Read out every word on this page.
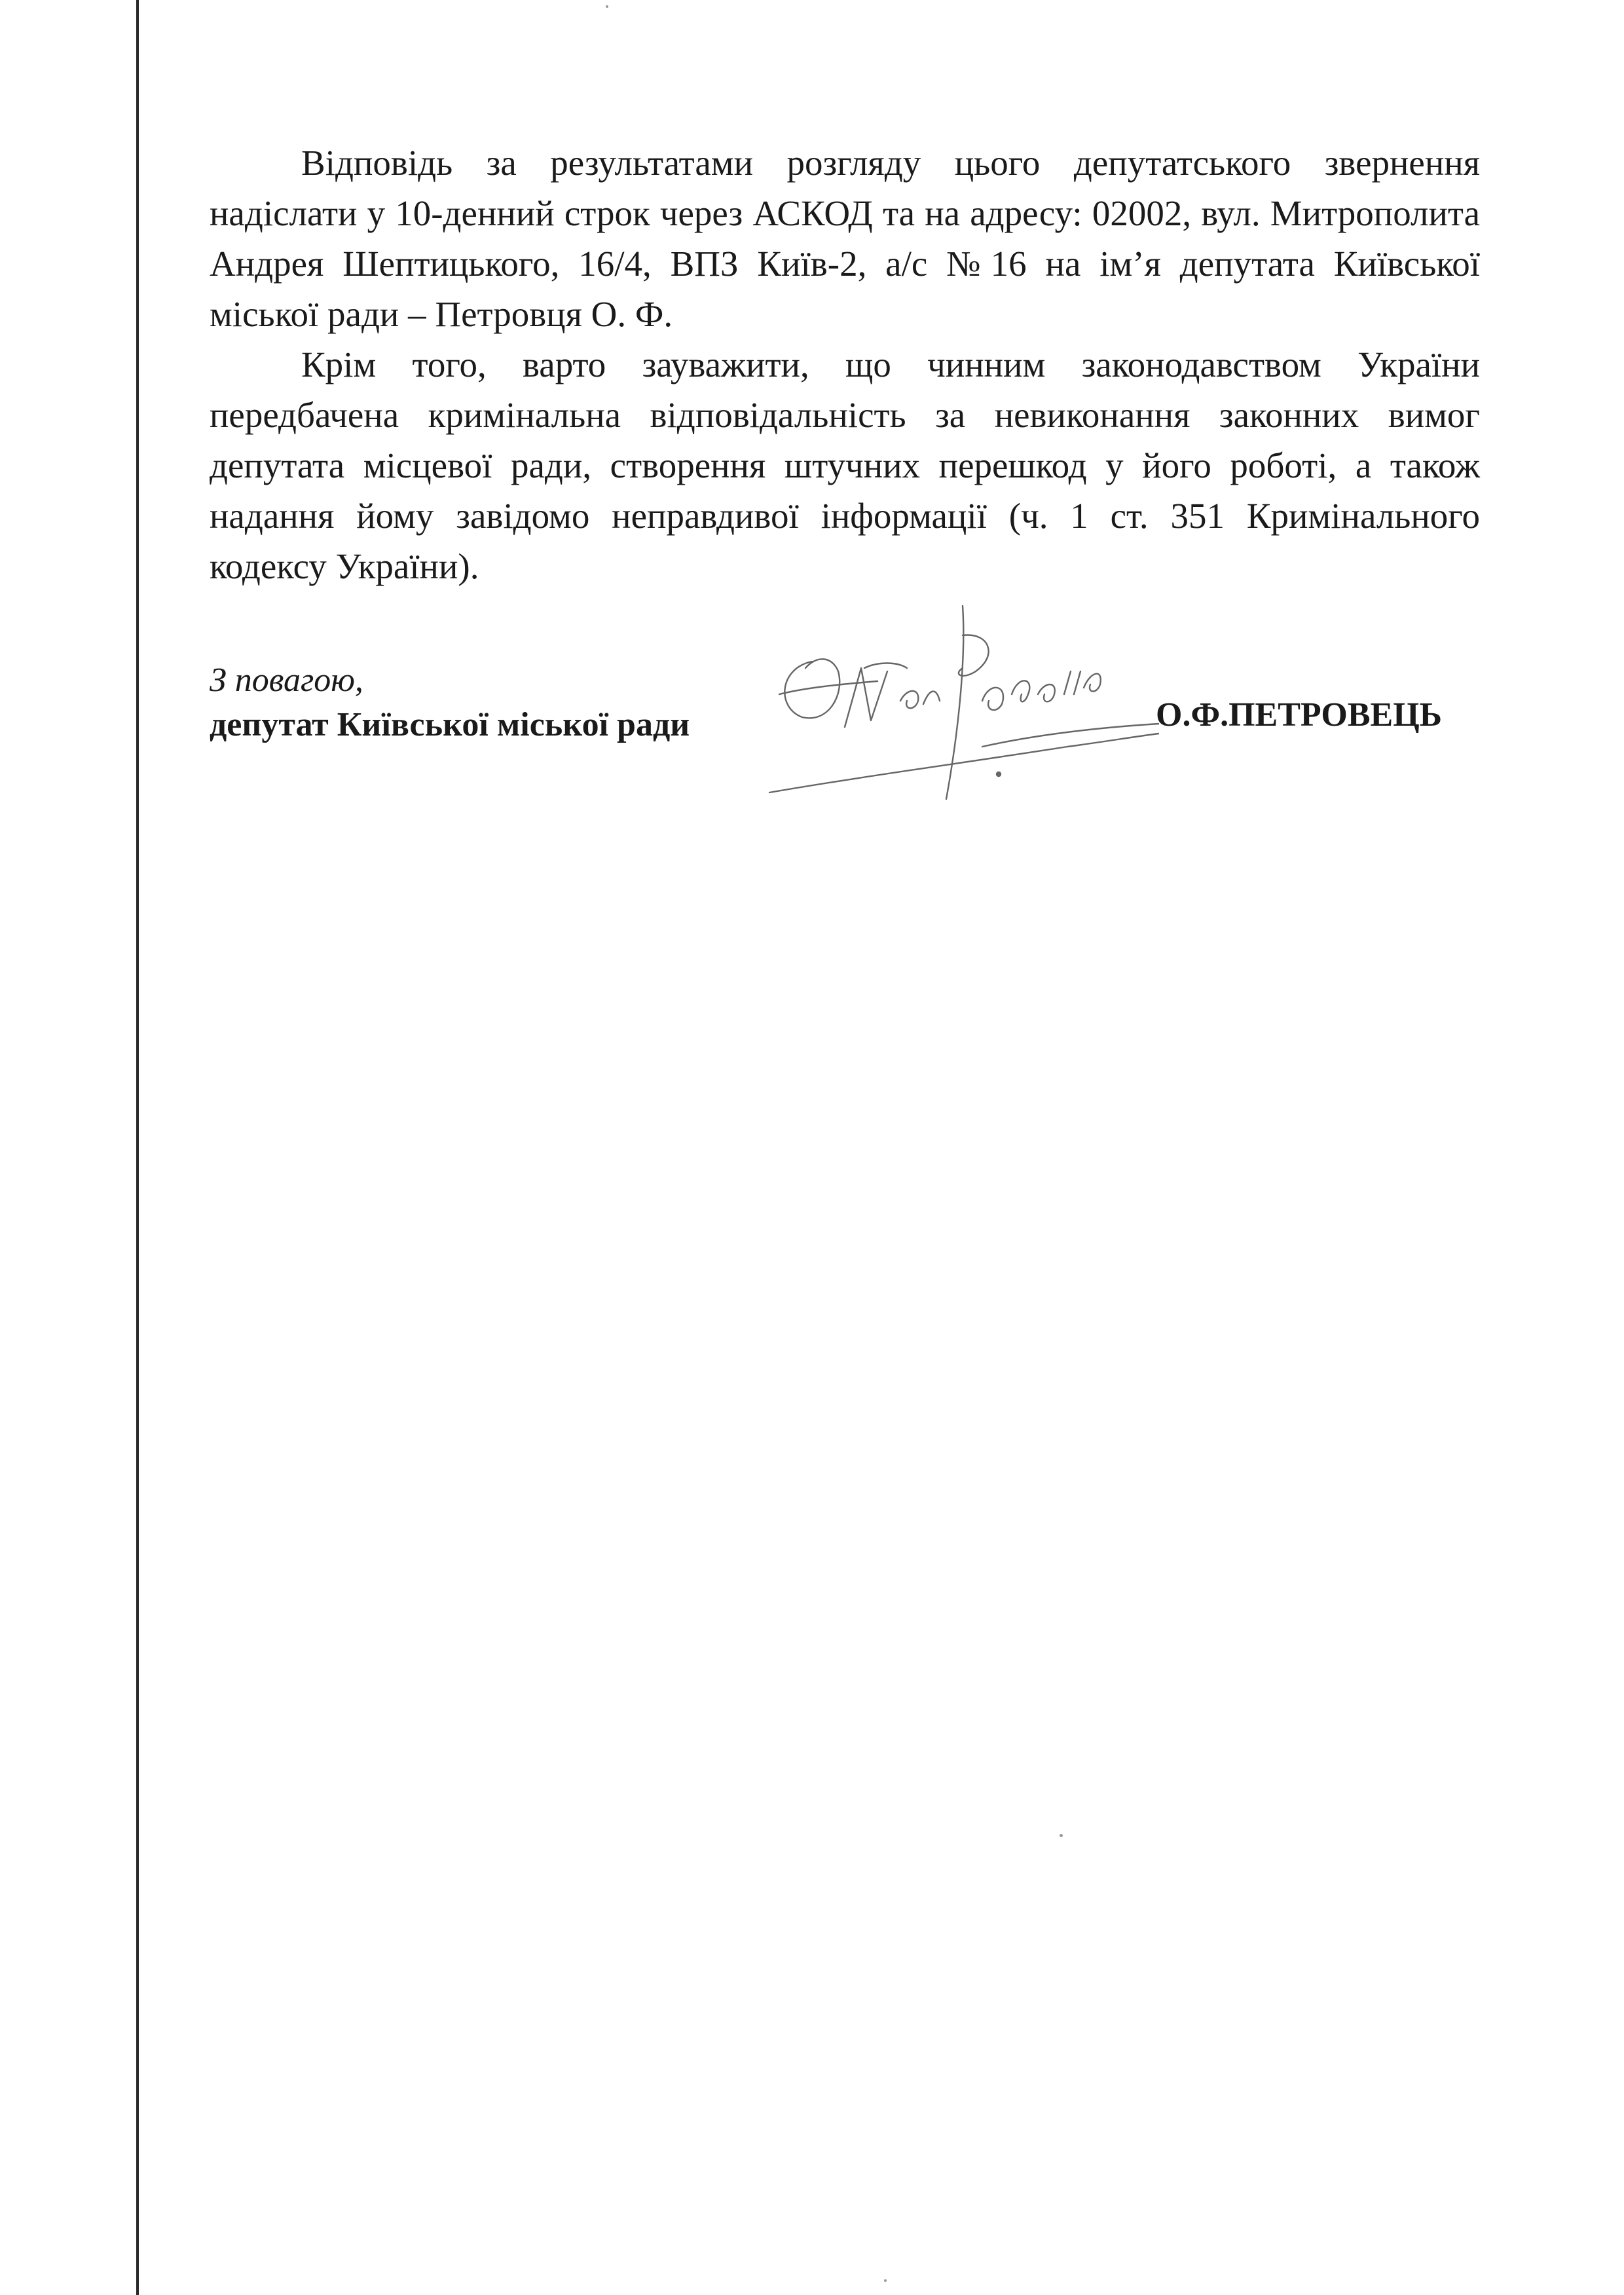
Відповідь за результатами розгляду цього депутатського звернення надіслати у 10-денний строк через АСКОД та на адресу: 02002, вул. Митрополита Андрея Шептицького, 16/4, ВПЗ Київ-2, а/с №16 на ім’я депутата Київської міської ради – Петровця О. Ф.

Крім того, варто зауважити, що чинним законодавством України передбачена кримінальна відповідальність за невиконання законних вимог депутата місцевої ради, створення штучних перешкод у його роботі, а також надання йому завідомо неправдивої інформації (ч. 1 ст. 351 Кримінального кодексу України).

З повагою,
депутат Київської міської ради	О.Ф.ПЕТРОВЕЦЬ
